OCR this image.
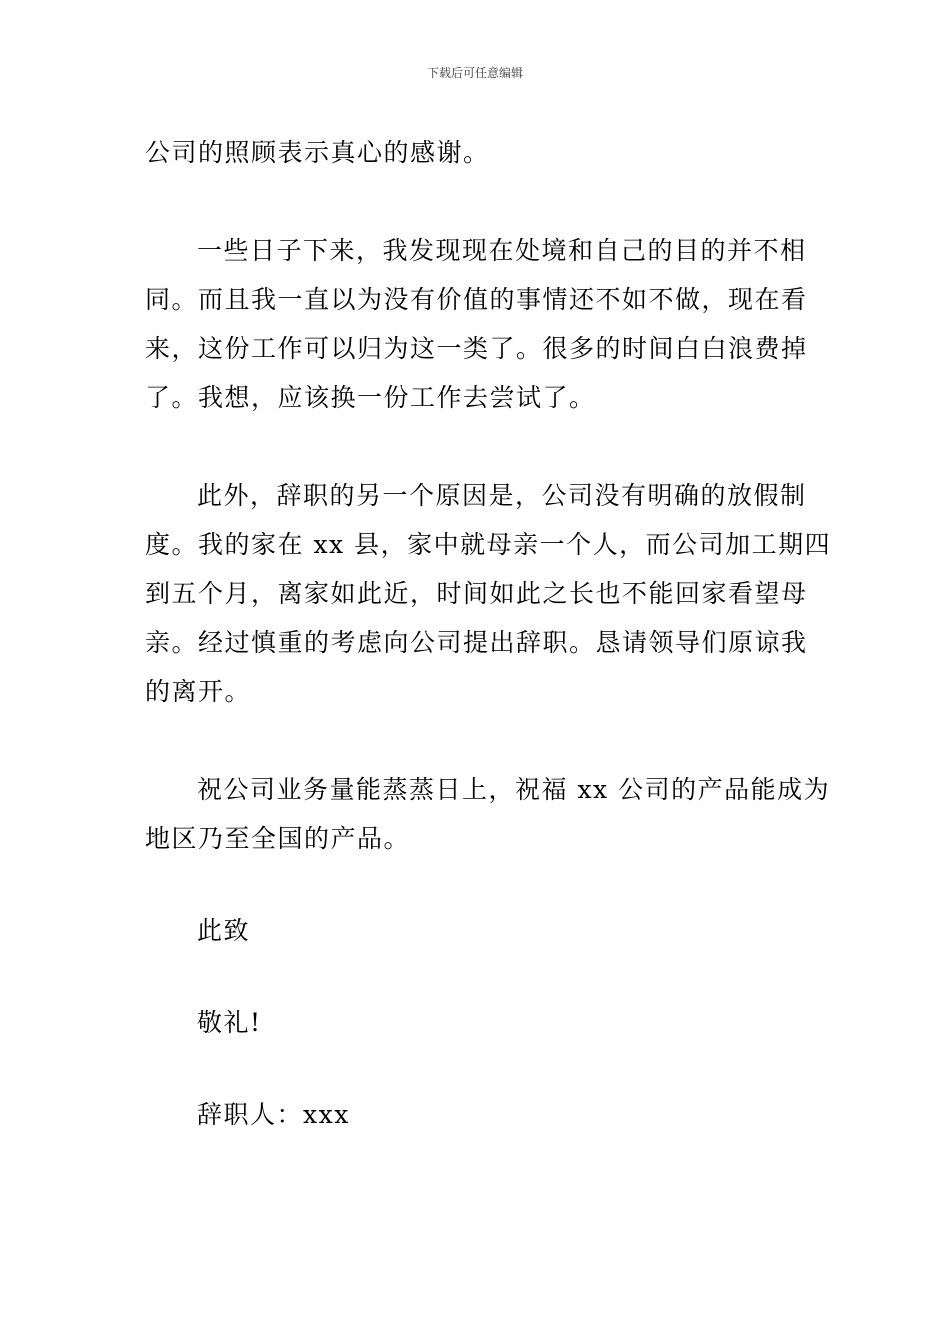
下载后可任意编辑

公司的照顾表示真心的感谢。

一些日子下来，我发现现在处境和自己的目的并不相
同。而且我一直以为没有价值的事情还不如不做，现在看
来，这份工作可以归为这一类了。很多的时间白白浪费掉
了。我想，应该换一份工作去尝试了。

此外，辞职的另一个原因是，公司没有明确的放假制
度。我的家在 xx 县，家中就母亲一个人，而公司加工期四
到五个月，离家如此近，时间如此之长也不能回家看望母
亲。经过慎重的考虑向公司提出辞职。恳请领导们原谅我
的离开。

祝公司业务量能蒸蒸日上，祝福 xx 公司的产品能成为
地区乃至全国的产品。

此致

敬礼!

辞职人：xxx
